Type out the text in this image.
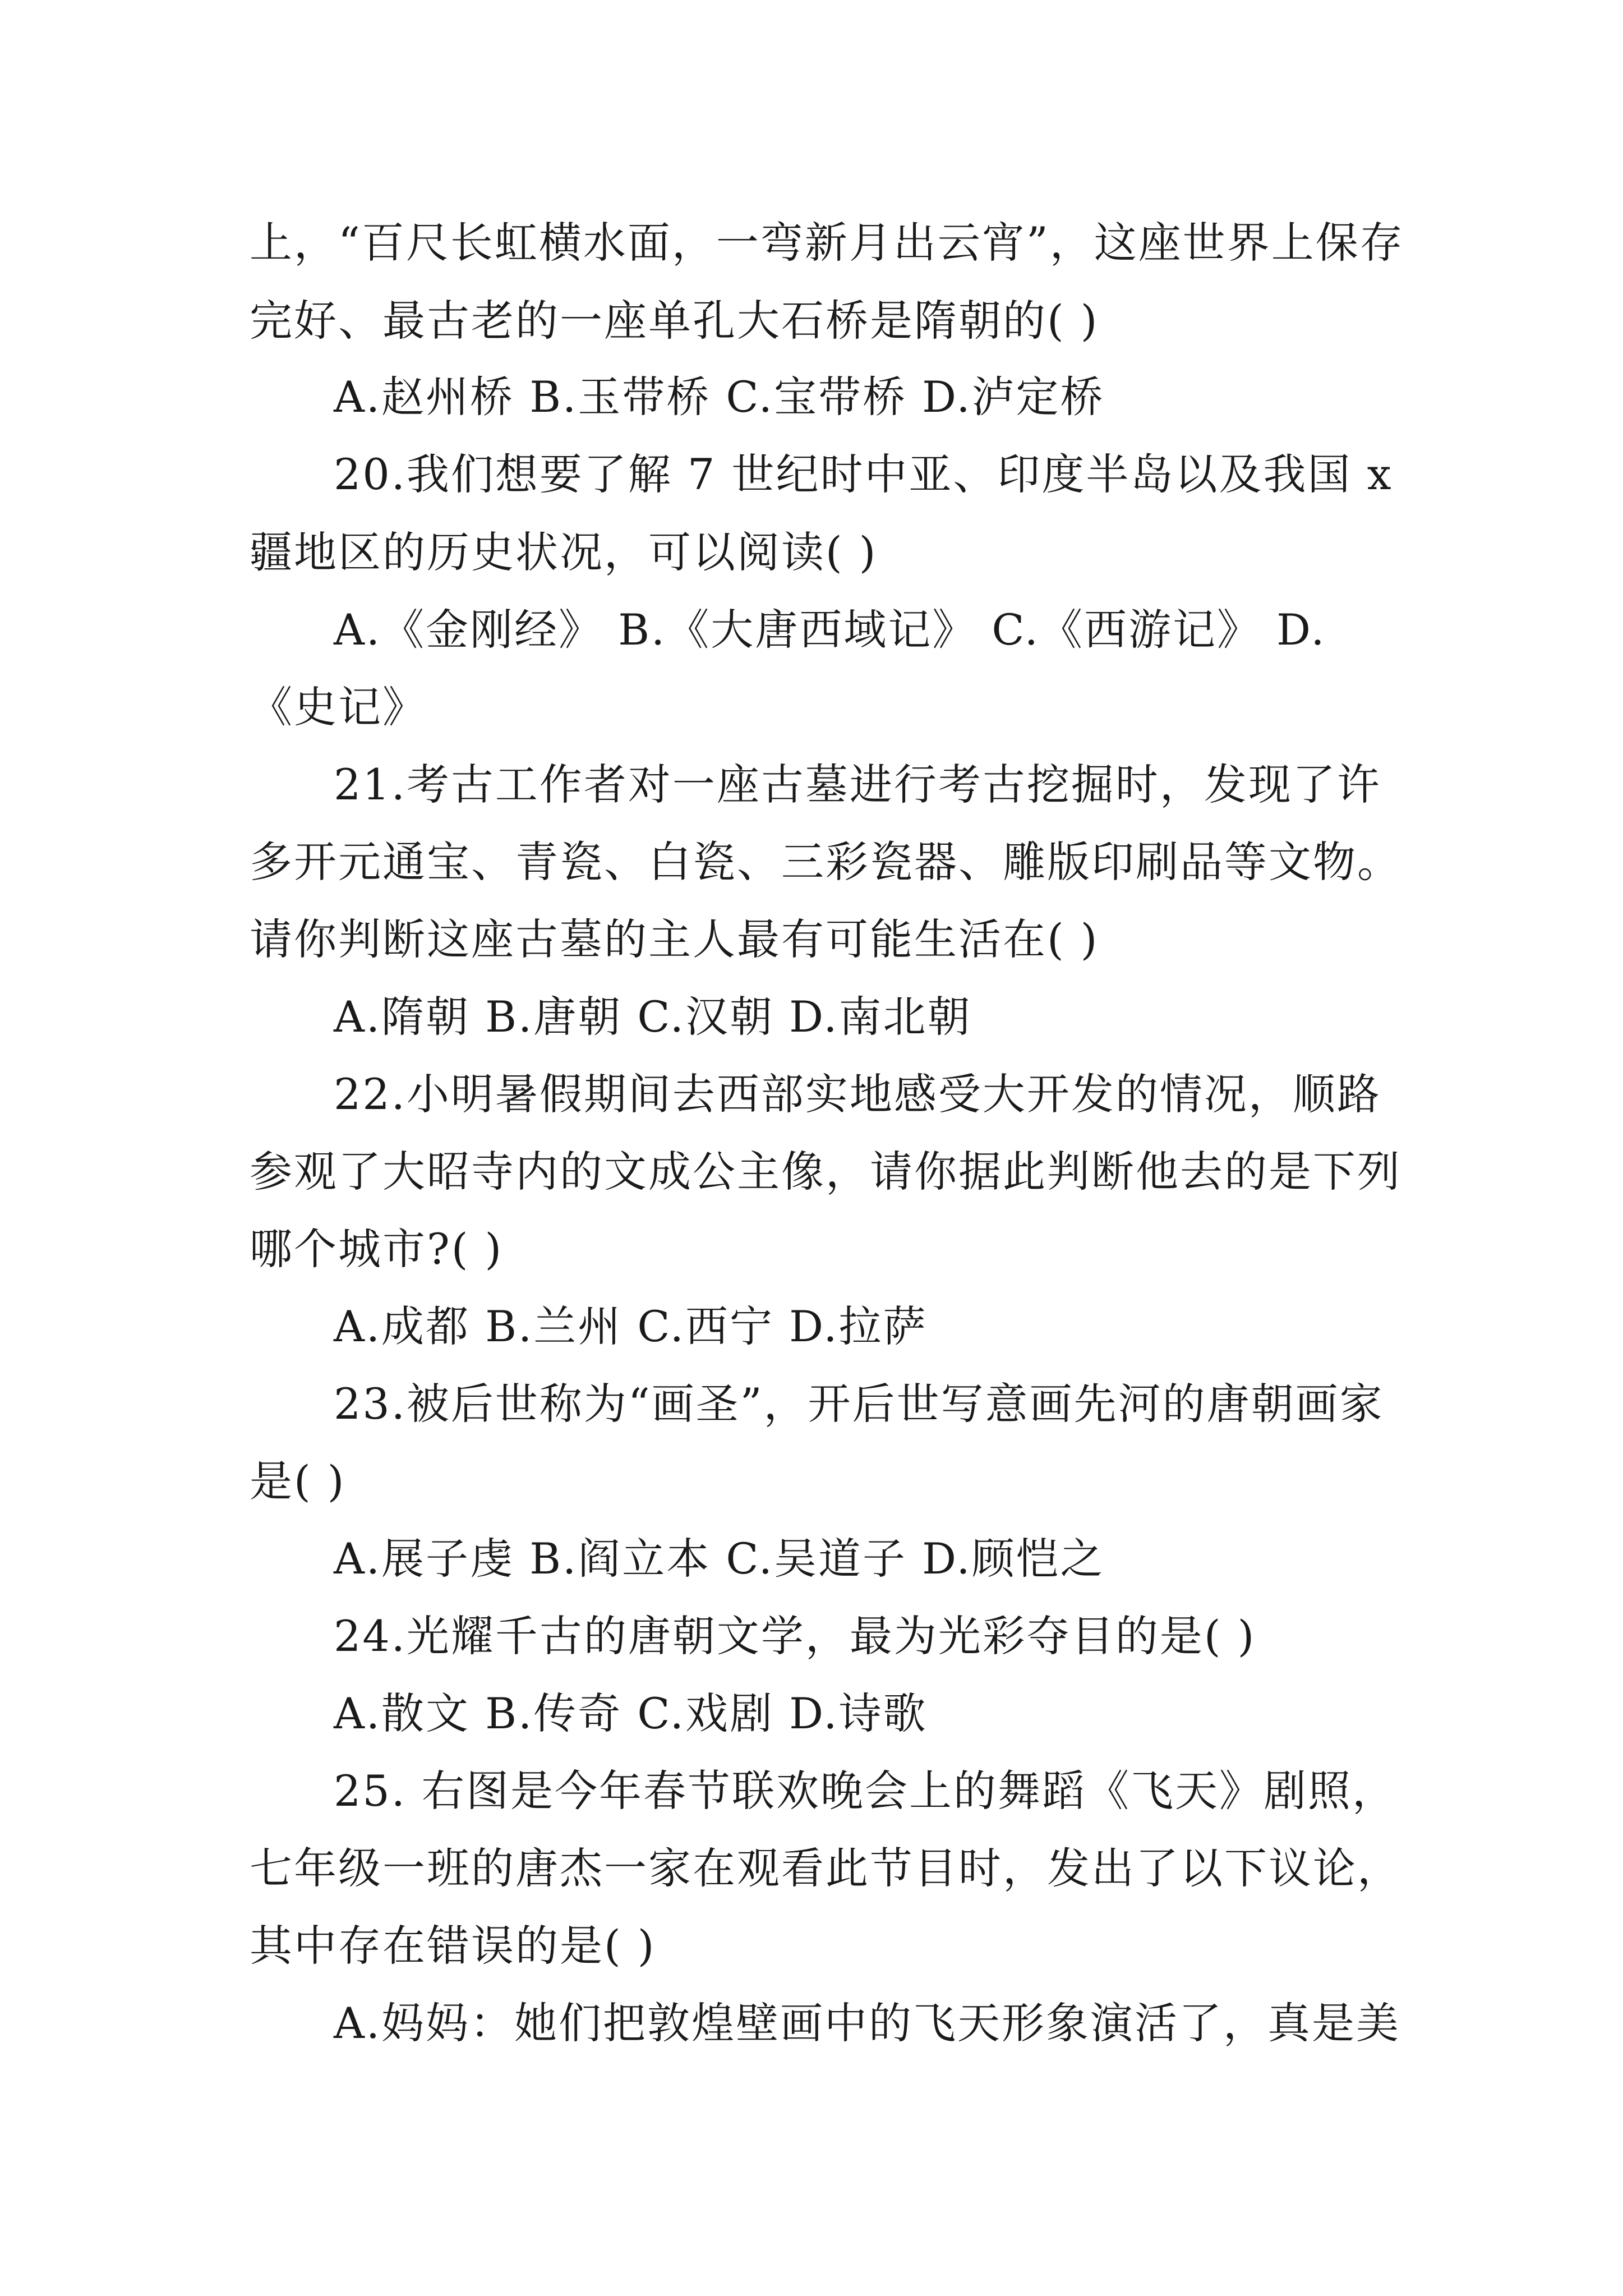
上，“百尺长虹横水面，一弯新月出云宵”，这座世界上保存
完好、最古老的一座单孔大石桥是隋朝的( )
A.赵州桥 B.玉带桥 C.宝带桥 D.泸定桥
20.我们想要了解 7 世纪时中亚、印度半岛以及我国 x
疆地区的历史状况，可以阅读( )
A.《金刚经》 B.《大唐西域记》 C.《西游记》 D.
《史记》
21.考古工作者对一座古墓进行考古挖掘时，发现了许
多开元通宝、青瓷、白瓷、三彩瓷器、雕版印刷品等文物。
请你判断这座古墓的主人最有可能生活在( )
A.隋朝 B.唐朝 C.汉朝 D.南北朝
22.小明暑假期间去西部实地感受大开发的情况，顺路
参观了大昭寺内的文成公主像，请你据此判断他去的是下列
哪个城市?( )
A.成都 B.兰州 C.西宁 D.拉萨
23.被后世称为“画圣”，开后世写意画先河的唐朝画家
是( )
A.展子虔 B.阎立本 C.吴道子 D.顾恺之
24.光耀千古的唐朝文学，最为光彩夺目的是( )
A.散文 B.传奇 C.戏剧 D.诗歌
25. 右图是今年春节联欢晚会上的舞蹈《飞天》剧照，
七年级一班的唐杰一家在观看此节目时，发出了以下议论，
其中存在错误的是( )
A.妈妈：她们把敦煌壁画中的飞天形象演活了，真是美
